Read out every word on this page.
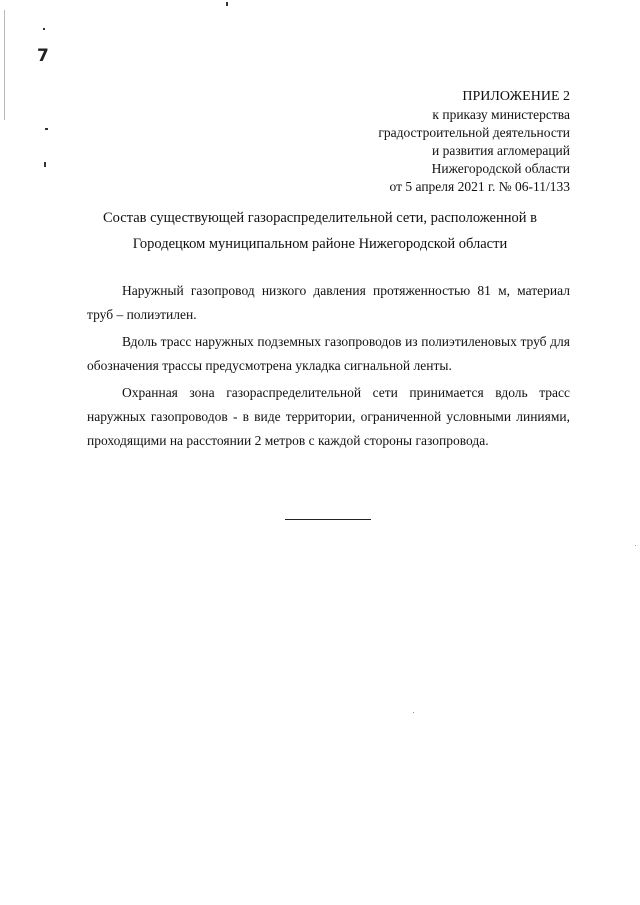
7
ПРИЛОЖЕНИЕ 2
к приказу министерства
градостроительной деятельности
и развития агломераций
Нижегородской области
от 5 апреля 2021 г. № 06-11/133
Состав существующей газораспределительной сети, расположенной в
Городецком муниципальном районе Нижегородской области

Наружный газопровод низкого давления протяженностью 81 м, материал труб – полиэтилен.

Вдоль трасс наружных подземных газопроводов из полиэтиленовых труб для обозначения трассы предусмотрена укладка сигнальной ленты.

Охранная зона газораспределительной сети принимается вдоль трасс наружных газопроводов - в виде территории, ограниченной условными линиями, проходящими на расстоянии 2 метров с каждой стороны газопровода.
